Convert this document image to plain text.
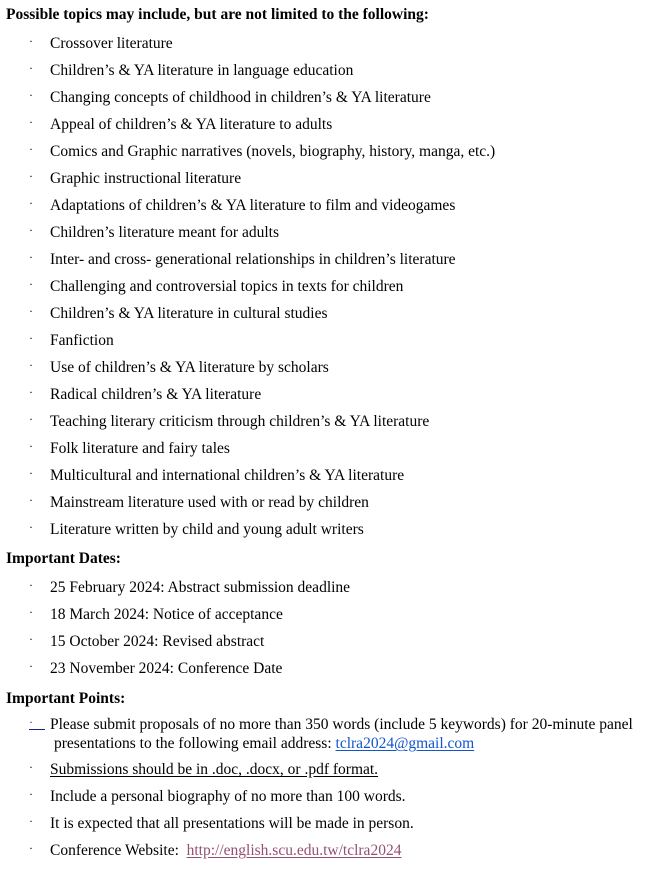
Possible topics may include, but are not limited to the following:
· Crossover literature
· Children’s & YA literature in language education
· Changing concepts of childhood in children’s & YA literature
· Appeal of children’s & YA literature to adults
· Comics and Graphic narratives (novels, biography, history, manga, etc.)
· Graphic instructional literature
· Adaptations of children’s & YA literature to film and videogames
· Children’s literature meant for adults
· Inter- and cross- generational relationships in children’s literature
· Challenging and controversial topics in texts for children
· Children’s & YA literature in cultural studies
· Fanfiction
· Use of children’s & YA literature by scholars
· Radical children’s & YA literature
· Teaching literary criticism through children’s & YA literature
· Folk literature and fairy tales
· Multicultural and international children’s & YA literature
· Mainstream literature used with or read by children
· Literature written by child and young adult writers
Important Dates:
· 25 February 2024: Abstract submission deadline
· 18 March 2024: Notice of acceptance
· 15 October 2024: Revised abstract
· 23 November 2024: Conference Date
Important Points:
· Please submit proposals of no more than 350 words (include 5 keywords) for 20-minute panel
presentations to the following email address: tclra2024@gmail.com
· Submissions should be in .doc, .docx, or .pdf format.
· Include a personal biography of no more than 100 words.
· It is expected that all presentations will be made in person.
· Conference Website:  http://english.scu.edu.tw/tclra2024
